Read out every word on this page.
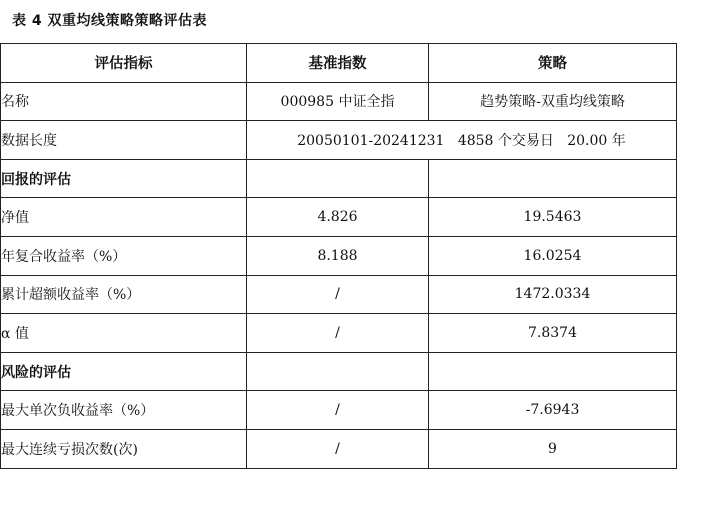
表 4 双重均线策略策略评估表
评估指标	基准指数	策略
名称	000985 中证全指	趋势策略-双重均线策略
数据长度	20050101-20241231   4858 个交易日   20.00 年	
回报的评估		
净值	4.826	19.5463
年复合收益率（%）	8.188	16.0254
累计超额收益率（%）	/	1472.0334
α 值	/	7.8374
风险的评估		
最大单次负收益率（%）	/	-7.6943
最大连续亏损次数(次)	/	9
